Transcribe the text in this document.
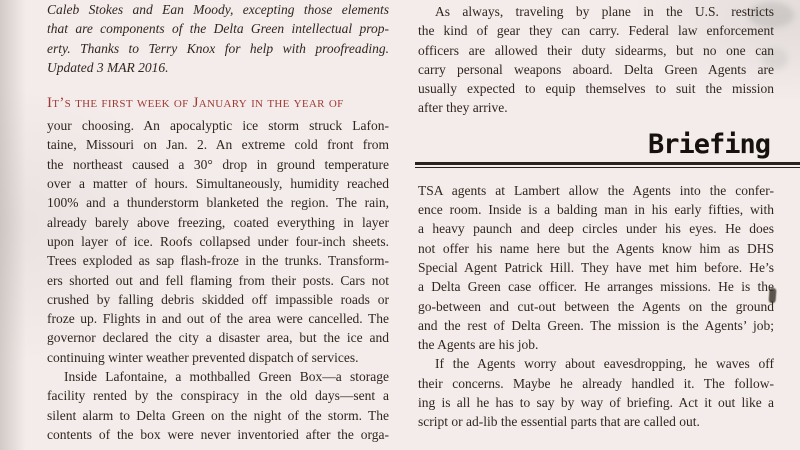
Caleb Stokes and Ean Moody, excepting those elements
that are components of the Delta Green intellectual prop-
erty. Thanks to Terry Knox for help with proofreading.
Updated 3 MAR 2016.
It’s the first week of January in the year of
your choosing. An apocalyptic ice storm struck Lafon-
taine, Missouri on Jan. 2. An extreme cold front from
the northeast caused a 30° drop in ground temperature
over a matter of hours. Simultaneously, humidity reached
100% and a thunderstorm blanketed the region. The rain,
already barely above freezing, coated everything in layer
upon layer of ice. Roofs collapsed under four-inch sheets.
Trees exploded as sap flash-froze in the trunks. Transform-
ers shorted out and fell flaming from their posts. Cars not
crushed by falling debris skidded off impassible roads or
froze up. Flights in and out of the area were cancelled. The
governor declared the city a disaster area, but the ice and
continuing winter weather prevented dispatch of services.
Inside Lafontaine, a mothballed Green Box—a storage
facility rented by the conspiracy in the old days—sent a
silent alarm to Delta Green on the night of the storm. The
contents of the box were never inventoried after the orga-
As always, traveling by plane in the U.S. restricts
the kind of gear they can carry. Federal law enforcement
officers are allowed their duty sidearms, but no one can
carry personal weapons aboard. Delta Green Agents are
usually expected to equip themselves to suit the mission
after they arrive.
Briefing
TSA agents at Lambert allow the Agents into the confer-
ence room. Inside is a balding man in his early fifties, with
a heavy paunch and deep circles under his eyes. He does
not offer his name here but the Agents know him as DHS
Special Agent Patrick Hill. They have met him before. He’s
a Delta Green case officer. He arranges missions. He is the
go-between and cut-out between the Agents on the ground
and the rest of Delta Green. The mission is the Agents’ job;
the Agents are his job.
If the Agents worry about eavesdropping, he waves off
their concerns. Maybe he already handled it. The follow-
ing is all he has to say by way of briefing. Act it out like a
script or ad-lib the essential parts that are called out.
